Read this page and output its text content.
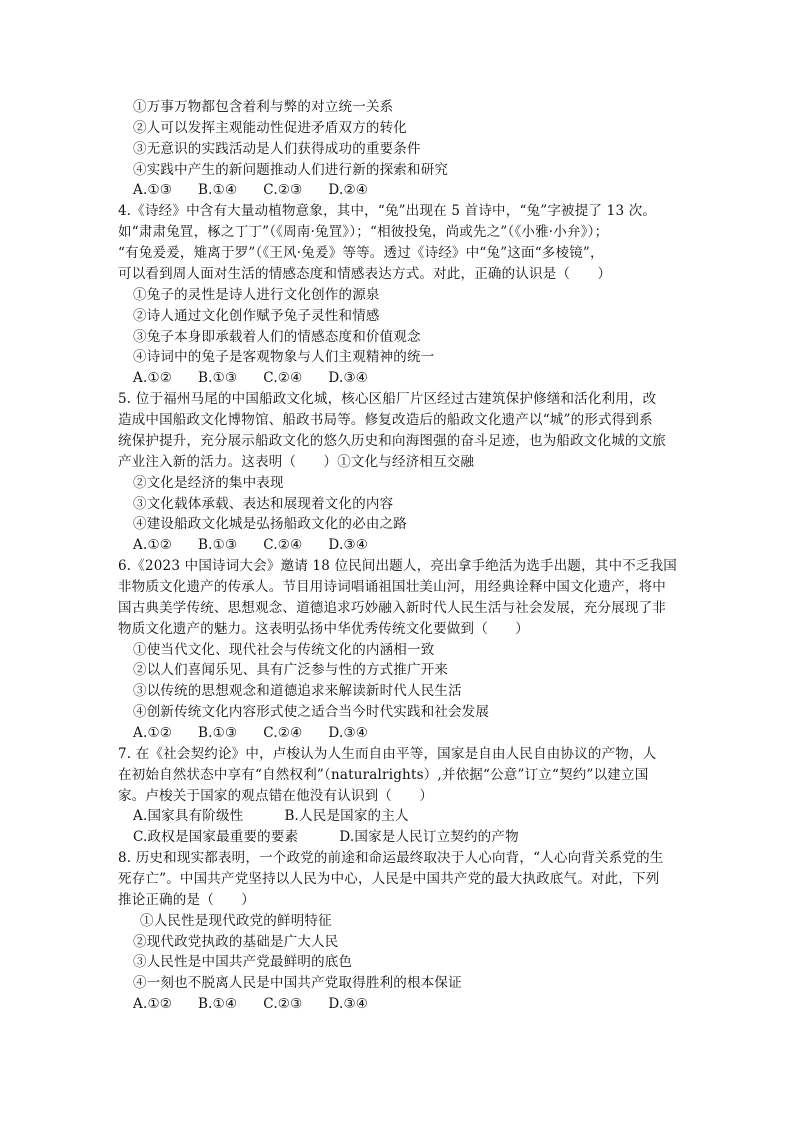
①万事万物都包含着利与弊的对立统一关系
②人可以发挥主观能动性促进矛盾双方的转化
③无意识的实践活动是人们获得成功的重要条件
④实践中产生的新问题推动人们进行新的探索和研究
A.①③ B.①④ C.②③ D.②④
4.《诗经》中含有大量动植物意象，其中，“兔”出现在 5 首诗中，“兔”字被提了 13 次。
如“肃肃兔罝，椓之丁丁”（《周南·兔罝》）；“相彼投兔，尚或先之”（《小雅·小弁》）；
“有兔爰爰，雉离于罗”（《王风·兔爰》等等。透过《诗经》中“兔”这面“多棱镜”，
可以看到周人面对生活的情感态度和情感表达方式。对此，正确的认识是（　　）
①兔子的灵性是诗人进行文化创作的源泉
②诗人通过文化创作赋予兔子灵性和情感
③兔子本身即承载着人们的情感态度和价值观念
④诗词中的兔子是客观物象与人们主观精神的统一
A.①② B.①③ C.②④ D.③④
5. 位于福州马尾的中国船政文化城，核心区船厂片区经过古建筑保护修缮和活化利用，改
造成中国船政文化博物馆、船政书局等。修复改造后的船政文化遗产以“城”的形式得到系
统保护提升，充分展示船政文化的悠久历史和向海图强的奋斗足迹，也为船政文化城的文旅
产业注入新的活力。这表明（　　）①文化与经济相互交融
②文化是经济的集中表现
③文化载体承载、表达和展现着文化的内容
④建设船政文化城是弘扬船政文化的必由之路
A.①② B.①③ C.②④ D.③④
6.《2023 中国诗词大会》邀请 18 位民间出题人，亮出拿手绝活为选手出题，其中不乏我国
非物质文化遗产的传承人。节目用诗词唱诵祖国壮美山河，用经典诠释中国文化遗产，将中
国古典美学传统、思想观念、道德追求巧妙融入新时代人民生活与社会发展，充分展现了非
物质文化遗产的魅力。这表明弘扬中华优秀传统文化要做到（　　）
①使当代文化、现代社会与传统文化的内涵相一致
②以人们喜闻乐见、具有广泛参与性的方式推广开来
③以传统的思想观念和道德追求来解读新时代人民生活
④创新传统文化内容形式使之适合当今时代实践和社会发展
A.①② B.①③ C.②④ D.③④
7. 在《社会契约论》中，卢梭认为人生而自由平等，国家是自由人民自由协议的产物，人
在初始自然状态中享有“自然权利”（naturalrights）,并依据“公意”订立“契约”以建立国
家。卢梭关于国家的观点错在他没有认识到（　　）
A.国家具有阶级性　　　B.人民是国家的主人
C.政权是国家最重要的要素　　　D.国家是人民订立契约的产物
8. 历史和现实都表明，一个政党的前途和命运最终取决于人心向背，“人心向背关系党的生
死存亡”。中国共产党坚持以人民为中心，人民是中国共产党的最大执政底气。对此，下列
推论正确的是（　　）
①人民性是现代政党的鲜明特征
②现代政党执政的基础是广大人民
③人民性是中国共产党最鲜明的底色
④一刻也不脱离人民是中国共产党取得胜利的根本保证
A.①② B.①④ C.②③ D.③④
